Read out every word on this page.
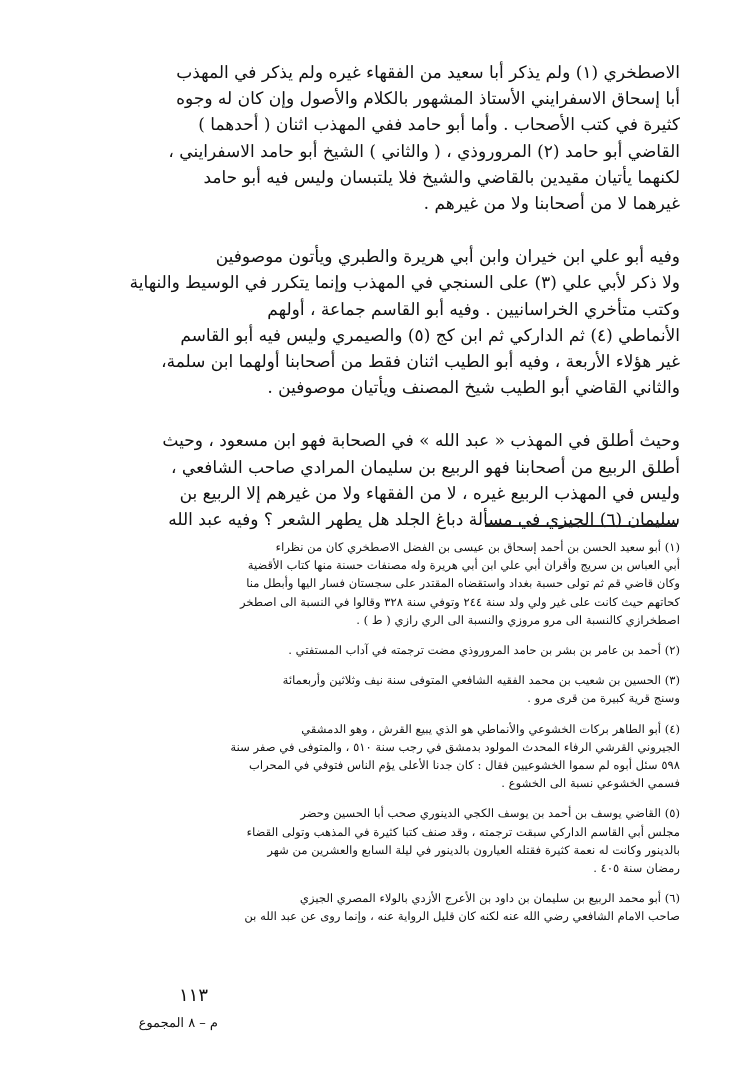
الاصطخري (١) ولم يذكر أبا سعيد من الفقهاء غيره ولم يذكر في المهذب
أبا إسحاق الاسفرايني الأستاذ المشهور بالكلام والأصول وإن كان له وجوه
كثيرة في كتب الأصحاب . وأما أبو حامد ففي المهذب اثنان ( أحدهما )
القاضي أبو حامد (٢) المروروذي ، ( والثاني ) الشيخ أبو حامد الاسفرايني ،
لكنهما يأتيان مقيدين بالقاضي والشيخ فلا يلتبسان وليس فيه أبو حامد
غيرهما لا من أصحابنا ولا من غيرهم .

وفيه أبو علي ابن خيران وابن أبي هريرة والطبري ويأتون موصوفين
ولا ذكر لأبي علي (٣) على السنجي في المهذب وإنما يتكرر في الوسيط والنهاية
وكتب متأخري الخراسانيين . وفيه أبو القاسم جماعة ، أولهم
الأنماطي (٤) ثم الداركي ثم ابن كج (٥) والصيمري وليس فيه أبو القاسم
غير هؤلاء الأربعة ، وفيه أبو الطيب اثنان فقط من أصحابنا أولهما ابن سلمة،
والثاني القاضي أبو الطيب شيخ المصنف ويأتيان موصوفين .

وحيث أطلق في المهذب « عبد الله » في الصحابة فهو ابن مسعود ، وحيث
أطلق الربيع من أصحابنا فهو الربيع بن سليمان المرادي صاحب الشافعي ،
وليس في المهذب الربيع غيره ، لا من الفقهاء ولا من غيرهم إلا الربيع بن
سليمان (٦) الجيزي في مسألة دباغ الجلد هل يطهر الشعر ؟ وفيه عبد الله

(١) أبو سعيد الحسن بن أحمد إسحاق بن عيسى بن الفضل الاصطخري كان من نظراء
أبي العباس بن سريج وأقران أبي علي ابن أبي هريرة وله مصنفات حسنة منها كتاب الأقضية
وكان قاضي قم ثم تولى حسبة بغداد واستقضاه المقتدر على سجستان فسار اليها وأبطل منا
كحاتهم حيث كانت على غير ولي ولد سنة ٢٤٤ وتوفي سنة ٣٢٨ وقالوا في النسبة الى اصطخر
اصطخرازي كالنسبة الى مرو مروزي والنسبة الى الري رازي ( ط ) .

(٢) أحمد بن عامر بن بشر بن حامد المروروذي مضت ترجمته في آداب المستفتي .

(٣) الحسين بن شعيب بن محمد الفقيه الشافعي المتوفى سنة نيف وثلاثين وأربعمائة
وسنج قرية كبيرة من قرى مرو .

(٤) أبو الطاهر بركات الخشوعي والأنماطي هو الذي يبيع القرش ، وهو الدمشقي
الجيروني القرشي الرفاء المحدث المولود بدمشق في رجب سنة ٥١٠ ، والمتوفى في صفر سنة
٥٩٨ سئل أبوه لم سموا الخشوعيين فقال : كان جدنا الأعلى يؤم الناس فتوفي في المحراب
فسمي الخشوعي نسبة الى الخشوع .

(٥) القاضي يوسف بن أحمد بن يوسف الكجي الدينوري صحب أبا الحسين وحضر
مجلس أبي القاسم الداركي سبقت ترجمته ، وقد صنف كتبا كثيرة في المذهب وتولى القضاء
بالدينور وكانت له نعمة كثيرة فقتله العيارون بالدينور في ليلة السابع والعشرين من شهر
رمضان سنة ٤٠٥ .

(٦) أبو محمد الربيع بن سليمان بن داود بن الأعرج الأزدي بالولاء المصري الجيزي
صاحب الامام الشافعي رضي الله عنه لكنه كان قليل الرواية عنه ، وإنما روى عن عبد الله بن

١١٣
م – ٨ المجموع
